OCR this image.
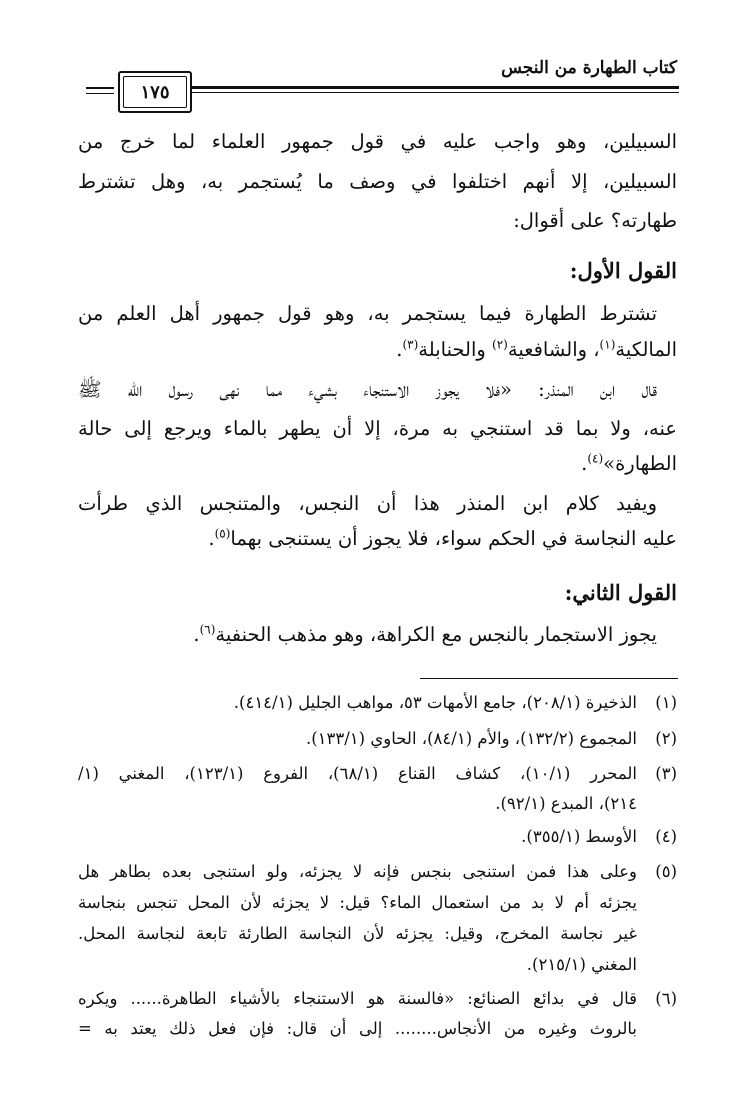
كتاب الطهارة من النجس
١٧٥
السبيلين، وهو واجب عليه في قول جمهور العلماء لما خرج من
السبيلين، إلا أنهم اختلفوا في وصف ما يُستجمر به، وهل تشترط
طهارته؟ على أقوال:
القول الأول:
تشترط الطهارة فيما يستجمر به، وهو قول جمهور أهل العلم من
المالكية$^{(١)}$، والشافعية$^{(٢)}$ والحنابلة$^{(٣)}$.
قال ابن المنذر: «فلا يجوز الاستنجاء بشيء مما نهى رسول الله ﷺ
عنه، ولا بما قد استنجي به مرة، إلا أن يطهر بالماء ويرجع إلى حالة
الطهارة»$^{(٤)}$.
ويفيد كلام ابن المنذر هذا أن النجس، والمتنجس الذي طرأت
عليه النجاسة في الحكم سواء، فلا يجوز أن يستنجى بهما$^{(٥)}$.
القول الثاني:
يجوز الاستجمار بالنجس مع الكراهة، وهو مذهب الحنفية$^{(٦)}$.
(١)
الذخيرة (٢٠٨/١)، جامع الأمهات ٥٣، مواهب الجليل (٤١٤/١).
(٢)
المجموع (١٣٢/٢)، والأم (٨٤/١)، الحاوي (١٣٣/١).
(٣)
المحرر (١٠/١)، كشاف القناع (٦٨/١)، الفروع (١٢٣/١)، المغني (١/
٢١٤)، المبدع (٩٢/١).
(٤)
الأوسط (٣٥٥/١).
(٥)
وعلى هذا فمن استنجى بنجس فإنه لا يجزئه، ولو استنجى بعده بطاهر هل
يجزئه أم لا بد من استعمال الماء؟ قيل: لا يجزئه لأن المحل تنجس بنجاسة
غير نجاسة المخرج، وقيل: يجزئه لأن النجاسة الطارئة تابعة لنجاسة المحل.
المغني (٢١٥/١).
(٦)
قال في بدائع الصنائع: «فالسنة هو الاستنجاء بالأشياء الطاهرة...... ويكره
بالروث وغيره من الأنجاس........ إلى أن قال: فإن فعل ذلك يعتد به =
